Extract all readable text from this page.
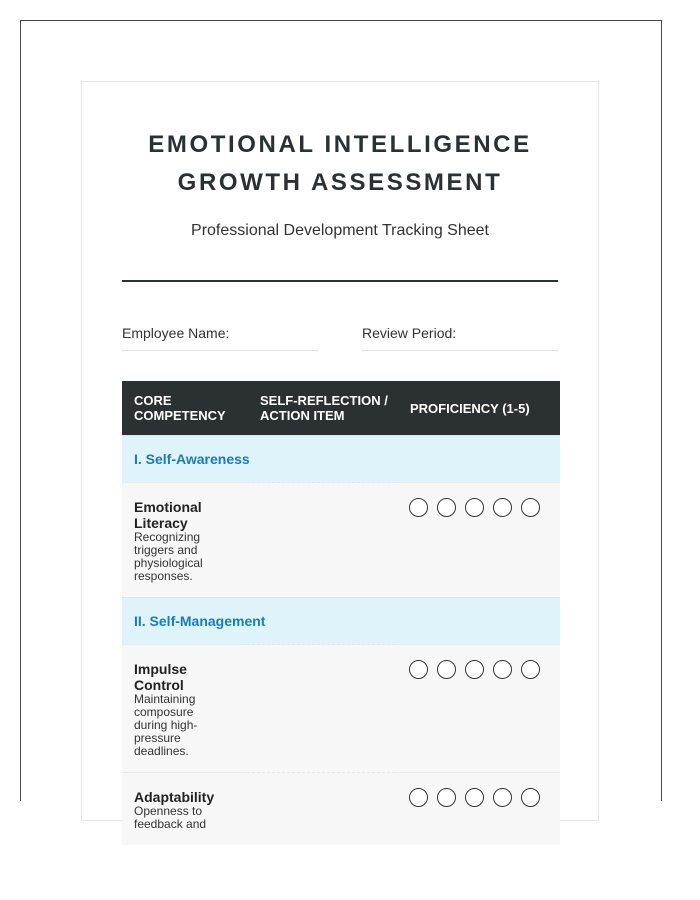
EMOTIONAL INTELLIGENCE
GROWTH ASSESSMENT
Professional Development Tracking Sheet
Employee Name:	Review Period:
CORE COMPETENCY	SELF-REFLECTION / ACTION ITEM	PROFICIENCY (1-5)
I. Self-Awareness		

Emotional Literacy
Recognizing triggers and physiological responses.		

II. Self-Management		

Impulse Control
Maintaining composure during high-pressure deadlines.		

Adaptability
Openness to feedback and		
